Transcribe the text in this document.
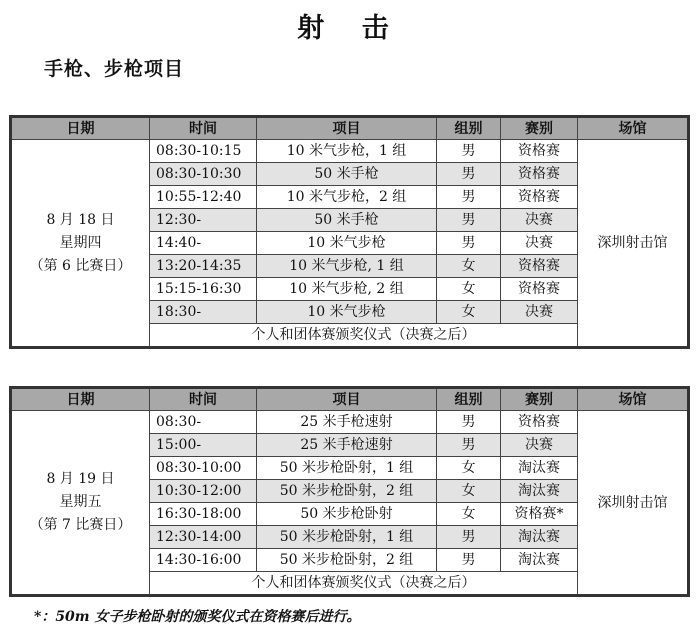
射 击
手枪、步枪项目
日期	时间	项目	组别	赛别	场馆

8 月 18 日
星期四
（第 6 比赛日）	08:30-10:15	10 米气步枪，1 组	男	资格赛	深圳射击馆
	08:30-10:30	50 米手枪	男	资格赛	
	10:55-12:40	10 米气步枪，2 组	男	资格赛	
	12:30-	50 米手枪	男	决赛	
	14:40-	10 米气步枪	男	决赛	
	13:20-14:35	10 米气步枪, 1 组	女	资格赛	
	15:15-16:30	10 米气步枪, 2 组	女	资格赛	
	18:30-	10 米气步枪	女	决赛	
	个人和团体赛颁奖仪式（决赛之后）				
日期	时间	项目	组别	赛别	场馆

8 月 19 日
星期五
（第 7 比赛日）	08:30-	25 米手枪速射	男	资格赛	深圳射击馆
	15:00-	25 米手枪速射	男	决赛	
	08:30-10:00	50 米步枪卧射，1 组	女	淘汰赛	
	10:30-12:00	50 米步枪卧射，2 组	女	淘汰赛	
	16:30-18:00	50 米步枪卧射	女	资格赛*	
	12:30-14:00	50 米步枪卧射，1 组	男	淘汰赛	
	14:30-16:00	50 米步枪卧射，2 组	男	淘汰赛	
	个人和团体赛颁奖仪式（决赛之后）				
*：50m 女子步枪卧射的颁奖仪式在资格赛后进行。
